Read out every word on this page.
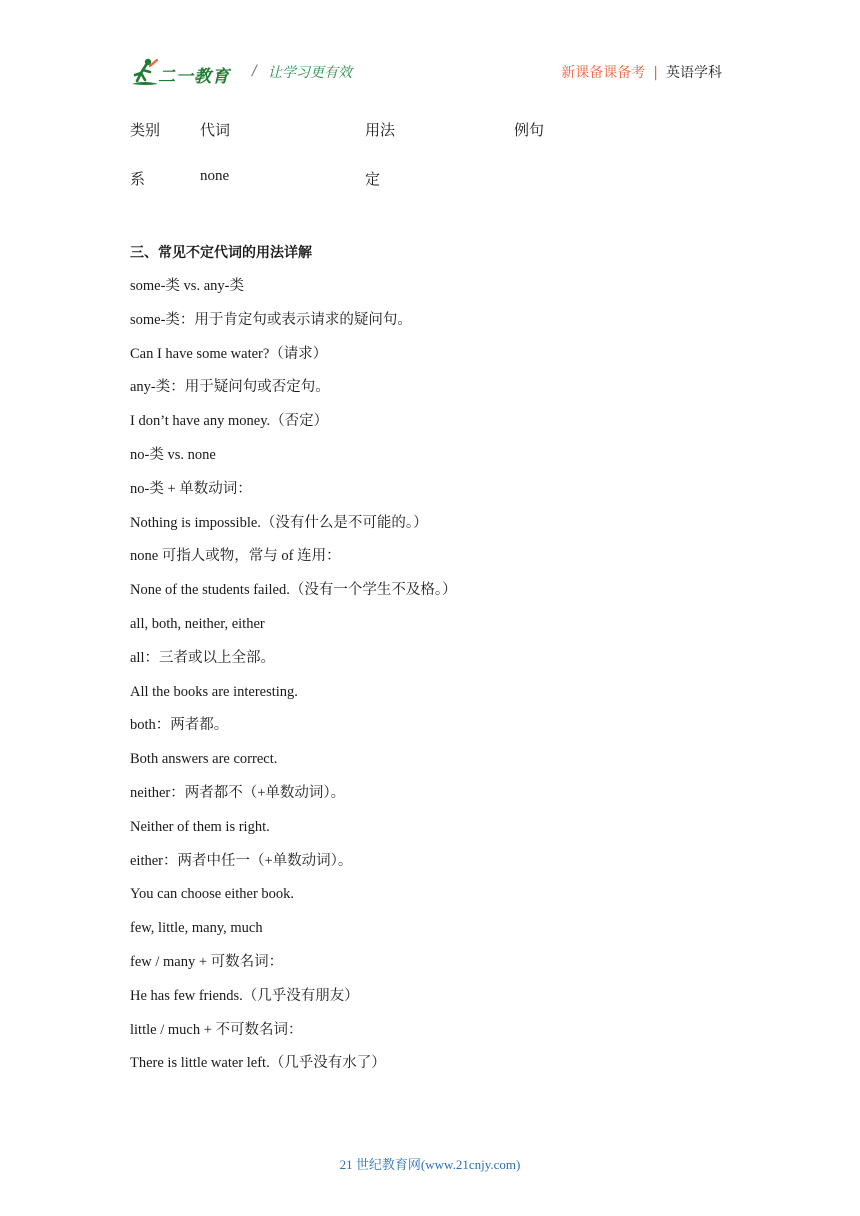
二一教育 / 让学习更有效	新课备课备考 | 英语学科
类别	代词	用法	例句
系	none	定
三、常见不定代词的用法详解
some-类 vs. any-类
some-类：用于肯定句或表示请求的疑问句。
Can I have some water?（请求）
any-类：用于疑问句或否定句。
I don’t have any money.（否定）
no-类 vs. none
no-类 + 单数动词：
Nothing is impossible.（没有什么是不可能的。）
none 可指人或物，常与 of 连用：
None of the students failed.（没有一个学生不及格。）
all, both, neither, either
all：三者或以上全部。
All the books are interesting.
both：两者都。
Both answers are correct.
neither：两者都不（+单数动词）。
Neither of them is right.
either：两者中任一（+单数动词）。
You can choose either book.
few, little, many, much
few / many + 可数名词：
He has few friends.（几乎没有朋友）
little / much + 不可数名词：
There is little water left.（几乎没有水了）
21 世纪教育网(www.21cnjy.com)
